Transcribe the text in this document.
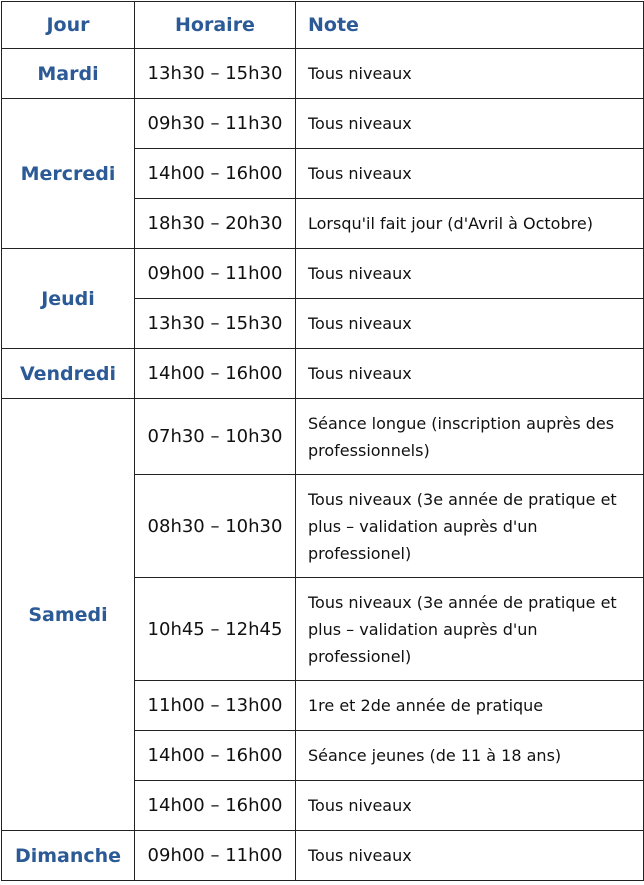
Jour	Horaire	Note
Mardi	13h30 – 15h30	Tous niveaux
Mercredi	09h30 – 11h30	Tous niveaux
	14h00 – 16h00	Tous niveaux
	18h30 – 20h30	Lorsqu'il fait jour (d'Avril à Octobre)
Jeudi	09h00 – 11h00	Tous niveaux
	13h30 – 15h30	Tous niveaux
Vendredi	14h00 – 16h00	Tous niveaux
Samedi	07h30 – 10h30	Séance longue (inscription auprès des professionnels)
	08h30 – 10h30	Tous niveaux (3e année de pratique et plus – validation auprès d'un professionel)
	10h45 – 12h45	Tous niveaux (3e année de pratique et plus – validation auprès d'un professionel)
	11h00 – 13h00	1re et 2de année de pratique
	14h00 – 16h00	Séance jeunes (de 11 à 18 ans)
	14h00 – 16h00	Tous niveaux
Dimanche	09h00 – 11h00	Tous niveaux
